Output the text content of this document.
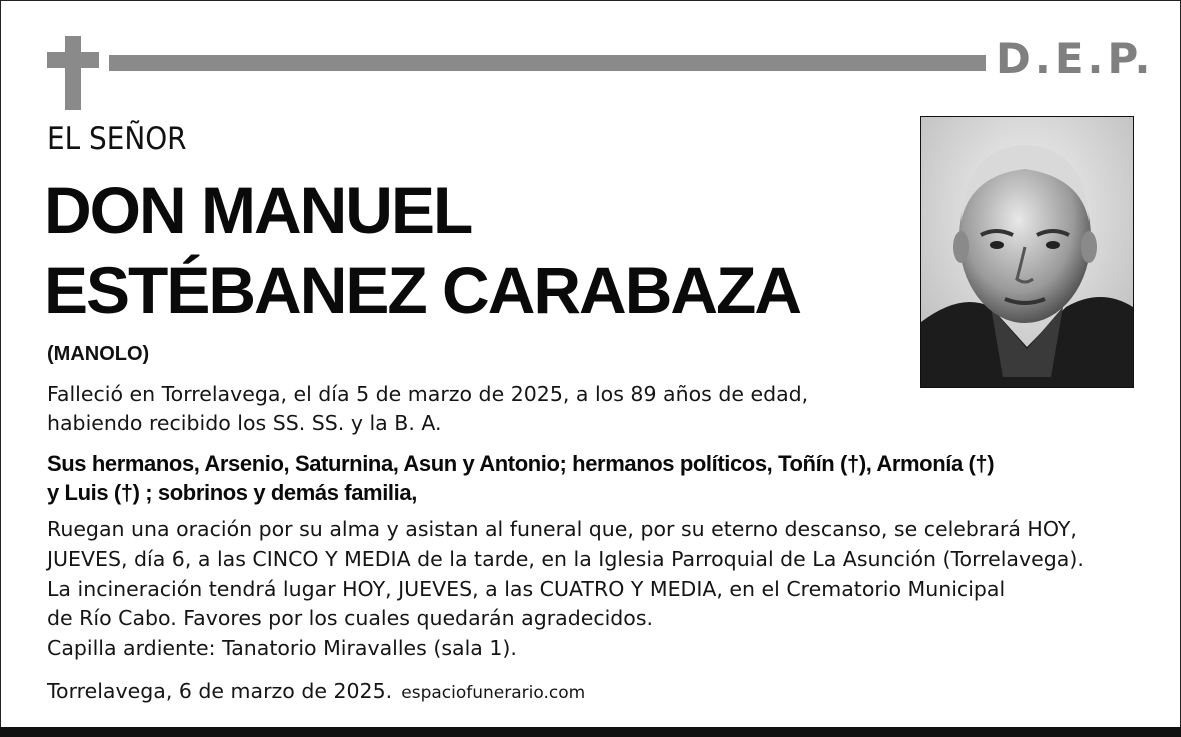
D.E.P.
EL SEÑOR
DON MANUEL
ESTÉBANEZ CARABAZA
(MANOLO)
Falleció en Torrelavega, el día 5 de marzo de 2025, a los 89 años de edad,
habiendo recibido los SS. SS. y la B. A.
Sus hermanos, Arsenio, Saturnina, Asun y Antonio; hermanos políticos, Toñín (†), Armonía (†)
y Luis (†) ; sobrinos y demás familia,
Ruegan una oración por su alma y asistan al funeral que, por su eterno descanso, se celebrará HOY,
JUEVES, día 6, a las CINCO Y MEDIA de la tarde, en la Iglesia Parroquial de La Asunción (Torrelavega).
La incineración tendrá lugar HOY, JUEVES, a las CUATRO Y MEDIA, en el Crematorio Municipal
de Río Cabo. Favores por los cuales quedarán agradecidos.
Capilla ardiente: Tanatorio Miravalles (sala 1).
Torrelavega, 6 de marzo de 2025. espaciofunerario.com
